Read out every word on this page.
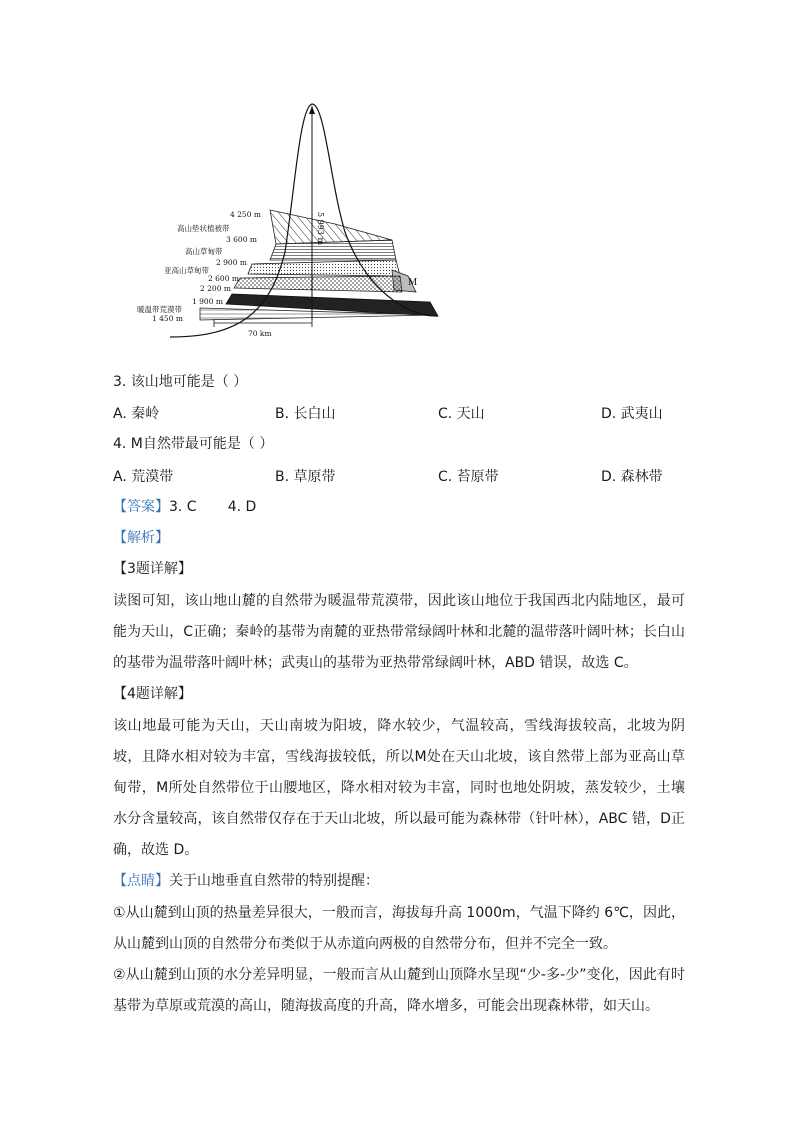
5 993 m
70 km
M
4 250 m
高山垫状植被带
3 600 m
高山草甸带
2 900 m
亚高山草甸带
2 600 m
2 200 m
1 900 m
暖温带荒漠带
1 450 m
3. 该山地可能是（ ）
A. 秦岭	B. 长白山	C. 天山	D. 武夷山
4. M自然带最可能是（ ）
A. 荒漠带	B. 草原带	C. 苔原带	D. 森林带
【答案】3. C       4. D
【解析】
【3题详解】
读图可知，该山地山麓的自然带为暖温带荒漠带，因此该山地位于我国西北内陆地区，最可能为天山，C正确；秦岭的基带为南麓的亚热带常绿阔叶林和北麓的温带落叶阔叶林；长白山的基带为温带落叶阔叶林；武夷山的基带为亚热带常绿阔叶林，ABD 错误，故选 C。
【4题详解】
该山地最可能为天山，天山南坡为阳坡，降水较少，气温较高，雪线海拔较高，北坡为阴坡，且降水相对较为丰富，雪线海拔较低，所以M处在天山北坡，该自然带上部为亚高山草甸带，M所处自然带位于山腰地区，降水相对较为丰富，同时也地处阴坡，蒸发较少，土壤水分含量较高，该自然带仅存在于天山北坡，所以最可能为森林带（针叶林），ABC 错，D正确，故选 D。
【点睛】关于山地垂直自然带的特别提醒：
①从山麓到山顶的热量差异很大，一般而言，海拔每升高 1000m，气温下降约 6℃，因此，从山麓到山顶的自然带分布类似于从赤道向两极的自然带分布，但并不完全一致。
②从山麓到山顶的水分差异明显，一般而言从山麓到山顶降水呈现“少-多-少”变化，因此有时基带为草原或荒漠的高山，随海拔高度的升高，降水增多，可能会出现森林带，如天山。
